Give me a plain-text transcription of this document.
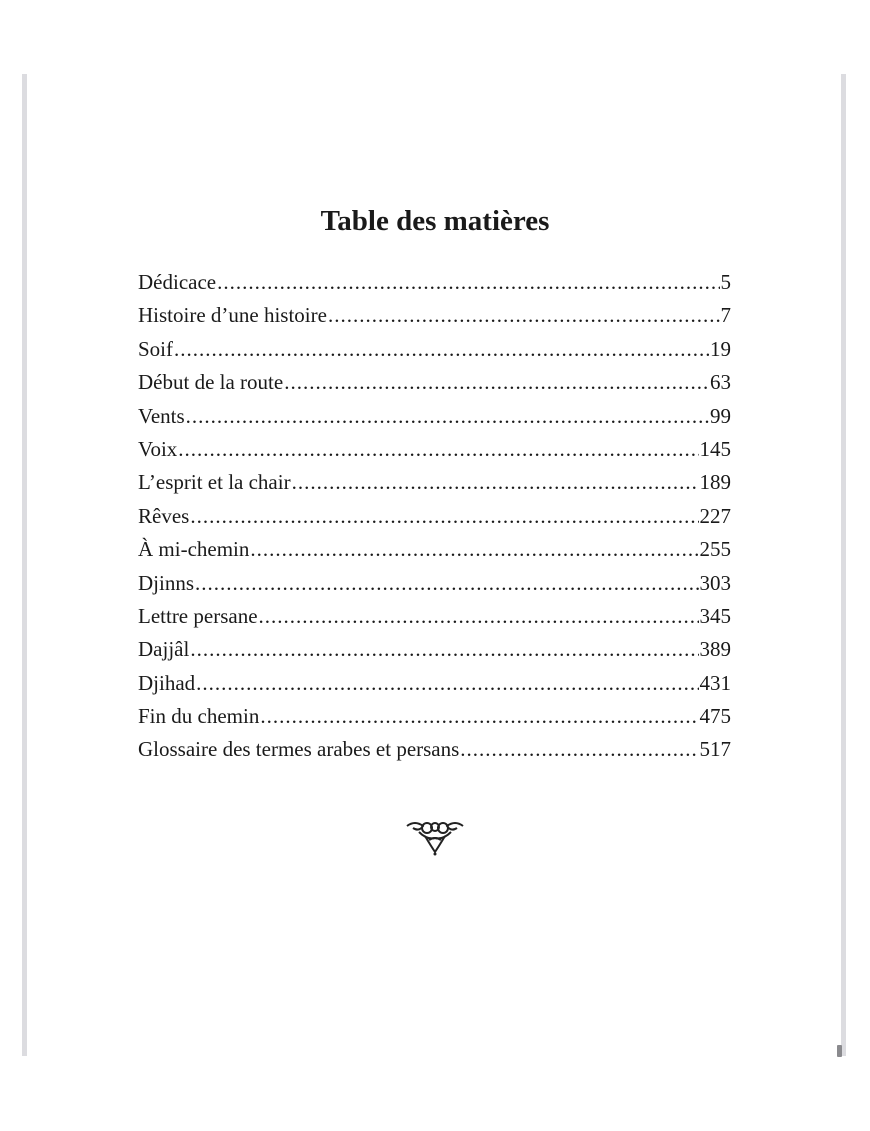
Table des matières
Dédicace .....	5
Histoire d’une histoire .....	7
Soif .....	19
Début de la route .....	63
Vents .....	99
Voix .....	145
L’esprit et la chair .....	189
Rêves .....	227
À mi-chemin .....	255
Djinns .....	303
Lettre persane .....	345
Dajjâl .....	389
Djihad .....	431
Fin du chemin .....	475
Glossaire des termes arabes et persans .....	517
